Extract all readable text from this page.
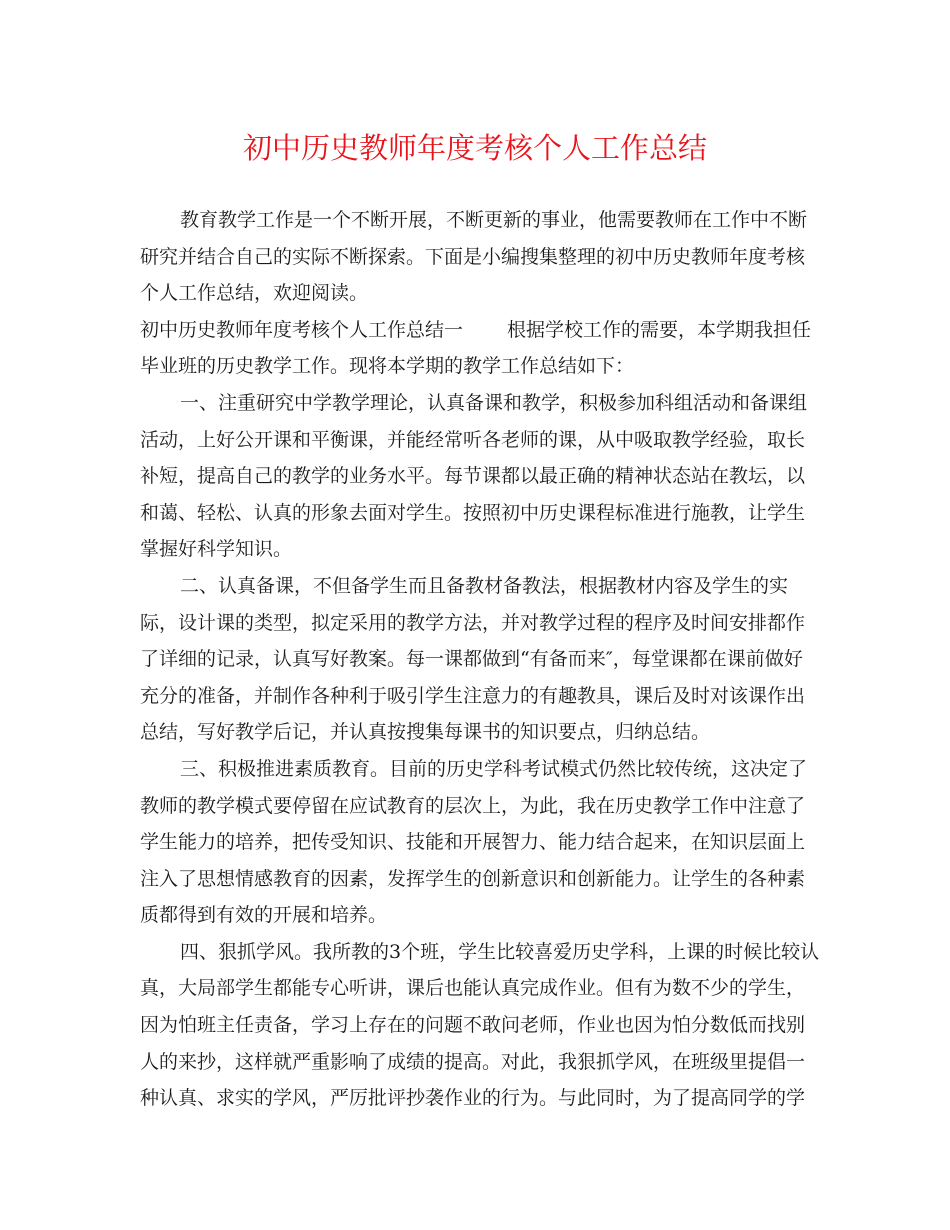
初中历史教师年度考核个人工作总结

教育教学工作是一个不断开展，不断更新的事业，他需要教师在工作中不断

研究并结合自己的实际不断探索。下面是小编搜集整理的初中历史教师年度考核

个人工作总结，欢迎阅读。

初中历史教师年度考核个人工作总结一　　 根据学校工作的需要，本学期我担任

毕业班的历史教学工作。现将本学期的教学工作总结如下：

一、注重研究中学教学理论，认真备课和教学，积极参加科组活动和备课组

活动，上好公开课和平衡课，并能经常听各老师的课，从中吸取教学经验，取长

补短，提高自己的教学的业务水平。每节课都以最正确的精神状态站在教坛，以

和蔼、轻松、认真的形象去面对学生。按照初中历史课程标准进行施教，让学生

掌握好科学知识。

二、认真备课，不但备学生而且备教材备教法，根据教材内容及学生的实

际，设计课的类型，拟定采用的教学方法，并对教学过程的程序及时间安排都作

了详细的记录，认真写好教案。每一课都做到“有备而来″，每堂课都在课前做好

充分的准备，并制作各种利于吸引学生注意力的有趣教具，课后及时对该课作出

总结，写好教学后记，并认真按搜集每课书的知识要点，归纳总结。

三、积极推进素质教育。目前的历史学科考试模式仍然比较传统，这决定了

教师的教学模式要停留在应试教育的层次上，为此，我在历史教学工作中注意了

学生能力的培养，把传受知识、技能和开展智力、能力结合起来，在知识层面上

注入了思想情感教育的因素，发挥学生的创新意识和创新能力。让学生的各种素

质都得到有效的开展和培养。

四、狠抓学风。我所教的3个班，学生比较喜爱历史学科，上课的时候比较认

真，大局部学生都能专心听讲，课后也能认真完成作业。但有为数不少的学生，

因为怕班主任责备，学习上存在的问题不敢问老师，作业也因为怕分数低而找别

人的来抄，这样就严重影响了成绩的提高。对此，我狠抓学风，在班级里提倡一

种认真、求实的学风，严厉批评抄袭作业的行为。与此同时，为了提高同学的学
